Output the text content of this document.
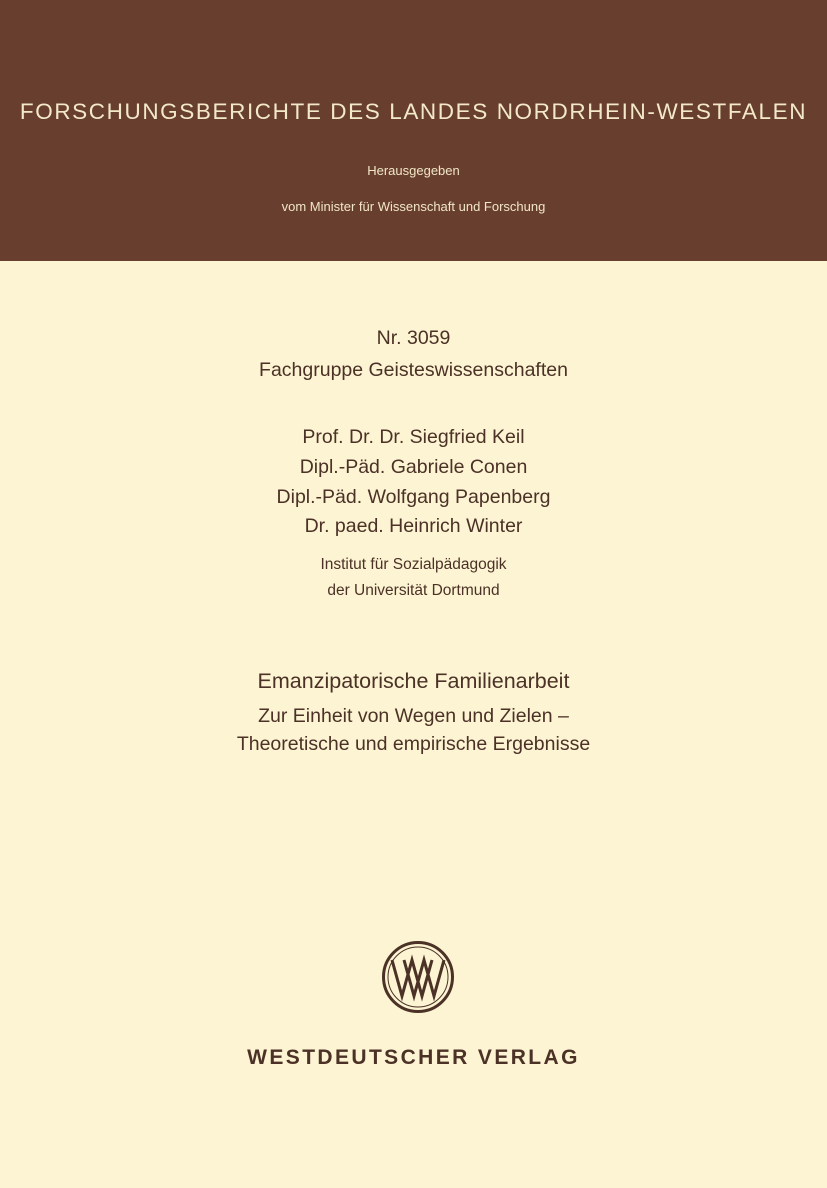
FORSCHUNGSBERICHTE DES LANDES NORDRHEIN-WESTFALEN
Herausgegeben
vom Minister für Wissenschaft und Forschung
Nr. 3059
Fachgruppe Geisteswissenschaften
Prof. Dr. Dr. Siegfried Keil
Dipl.-Päd. Gabriele Conen
Dipl.-Päd. Wolfgang Papenberg
Dr. paed. Heinrich Winter
Institut für Sozialpädagogik
der Universität Dortmund
Emanzipatorische Familienarbeit
Zur Einheit von Wegen und Zielen –
Theoretische und empirische Ergebnisse
WESTDEUTSCHER VERLAG
